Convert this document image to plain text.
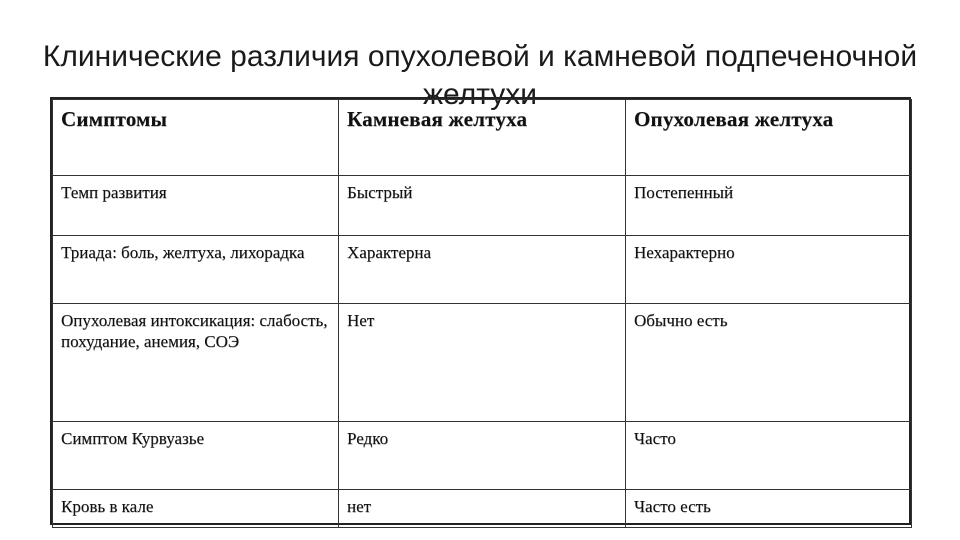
Клинические различия опухолевой и камневой подпеченочной
желтухи
Симптомы	Камневая желтуха	Опухолевая желтуха
Темп развития	Быстрый	Постепенный
Триада: боль, желтуха, лихорадка	Характерна	Нехарактерно
Опухолевая интоксикация: слабость, похудание, анемия, СОЭ	Нет	Обычно есть
Симптом Курвуазье	Редко	Часто
Кровь в кале	нет	Часто есть
